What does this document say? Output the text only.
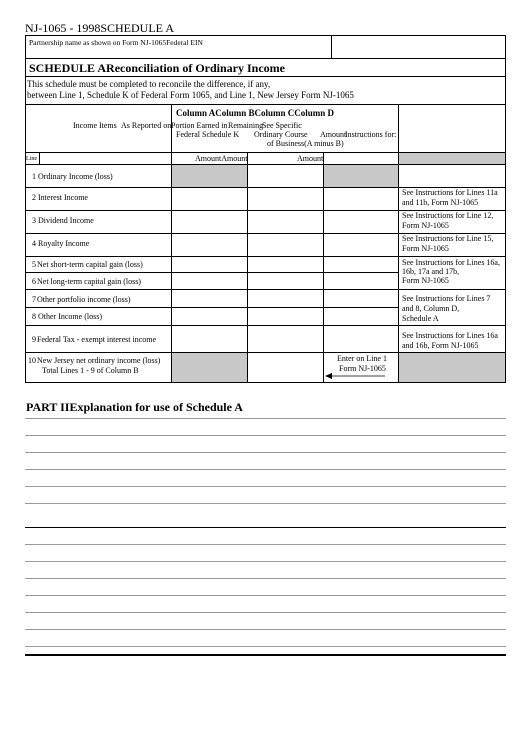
NJ-1065 - 1998SCHEDULE A
Partnership name as shown on Form NJ-1065Federal EIN
SCHEDULE AReconciliation of Ordinary Income
This schedule must be completed to reconcile the difference, if any,
between Line 1, Schedule K of Federal Form 1065, and Line 1, New Jersey Form NJ-1065
Column AColumn BColumn CColumn D
Income Items As Reported on
Federal Schedule K
Portion Earned in
Ordinary Course
Remaining
Amount
of Business(A minus B)
See Specific
Instructions for:
Line	AmountAmount	Amount
1 Ordinary Income (loss)
2 Interest Income
3 Dividend Income
4 Royalty Income
5 Net short-term capital gain (loss)
6 Net long-term capital gain (loss)
7 Other portfolio income (loss)
8 Other Income (loss)
9 Federal Tax - exempt interest income
10 New Jersey net ordinary income (loss)
Total Lines 1 - 9 of Column B
See Instructions for Lines 11a
and 11b, Form NJ-1065
See Instructions for Line 12,
Form NJ-1065
See Instructions for Line 15,
Form NJ-1065
See Instructions for Lines 16a,
16b, 17a and 17b,
Form NJ-1065
See Instructions for Lines 7
and 8, Column D,
Schedule A
See Instructions for Lines 16a
and 16b, Form NJ-1065
Enter on Line 1
Form NJ-1065
PART IIExplanation for use of Schedule A
